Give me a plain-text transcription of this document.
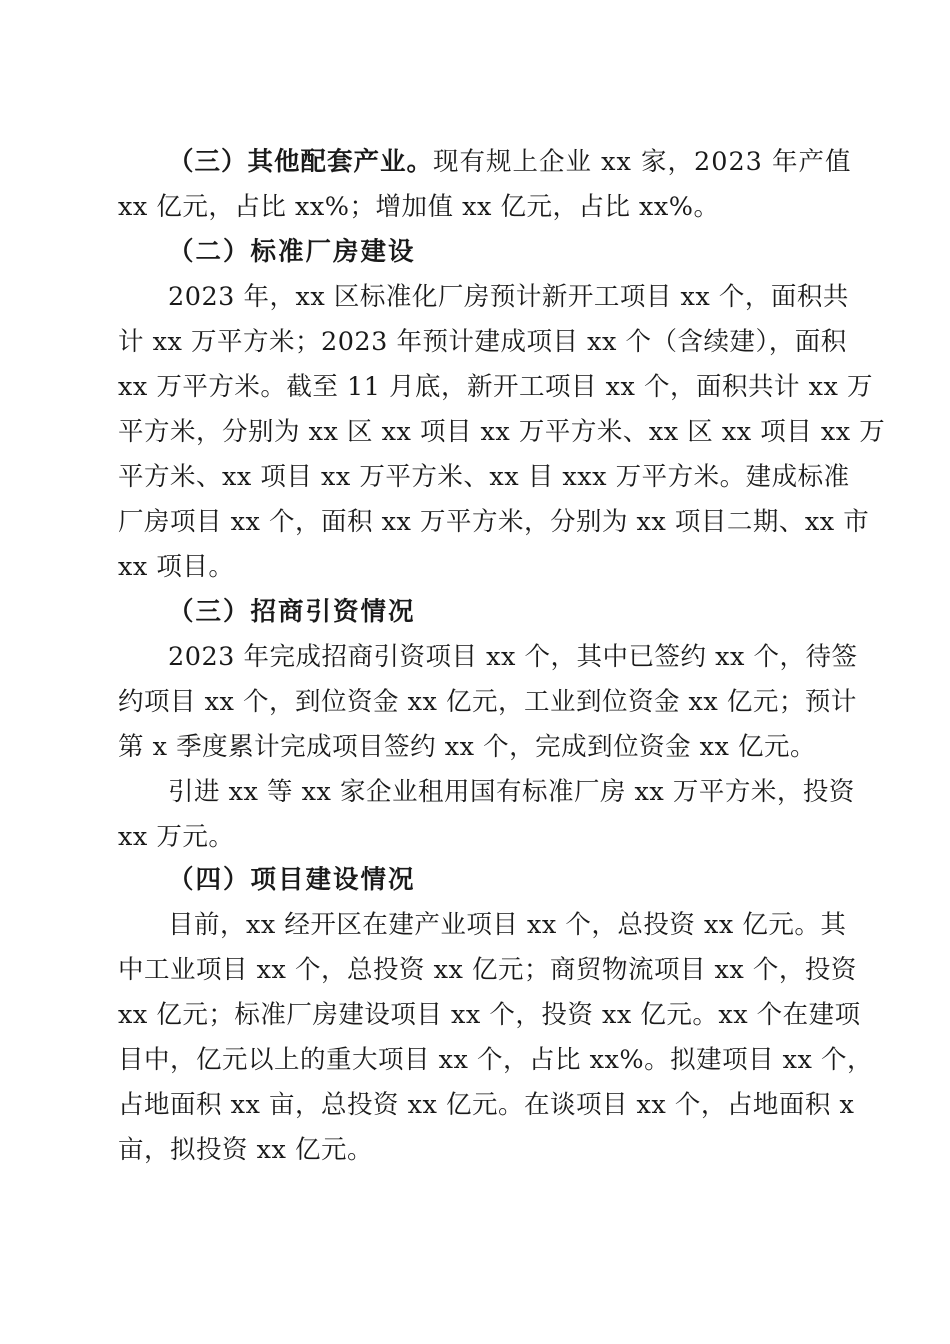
（三）其他配套产业。现有规上企业 xx 家，2023 年产值
xx 亿元，占比 xx%；增加值 xx 亿元，占比 xx%。
（二）标准厂房建设
2023 年，xx 区标准化厂房预计新开工项目 xx 个，面积共
计 xx 万平方米；2023 年预计建成项目 xx 个（含续建），面积
xx 万平方米。截至 11 月底，新开工项目 xx 个，面积共计 xx 万
平方米，分别为 xx 区 xx 项目 xx 万平方米、xx 区 xx 项目 xx 万
平方米、xx 项目 xx 万平方米、xx 目 xxx 万平方米。建成标准
厂房项目 xx 个，面积 xx 万平方米，分别为 xx 项目二期、xx 市
xx 项目。
（三）招商引资情况
2023 年完成招商引资项目 xx 个，其中已签约 xx 个，待签
约项目 xx 个，到位资金 xx 亿元，工业到位资金 xx 亿元；预计
第 x 季度累计完成项目签约 xx 个，完成到位资金 xx 亿元。
引进 xx 等 xx 家企业租用国有标准厂房 xx 万平方米，投资
xx 万元。
（四）项目建设情况
目前，xx 经开区在建产业项目 xx 个，总投资 xx 亿元。其
中工业项目 xx 个，总投资 xx 亿元；商贸物流项目 xx 个，投资
xx 亿元；标准厂房建设项目 xx 个，投资 xx 亿元。xx 个在建项
目中，亿元以上的重大项目 xx 个，占比 xx%。拟建项目 xx 个，
占地面积 xx 亩，总投资 xx 亿元。在谈项目 xx 个，占地面积 x
亩，拟投资 xx 亿元。
